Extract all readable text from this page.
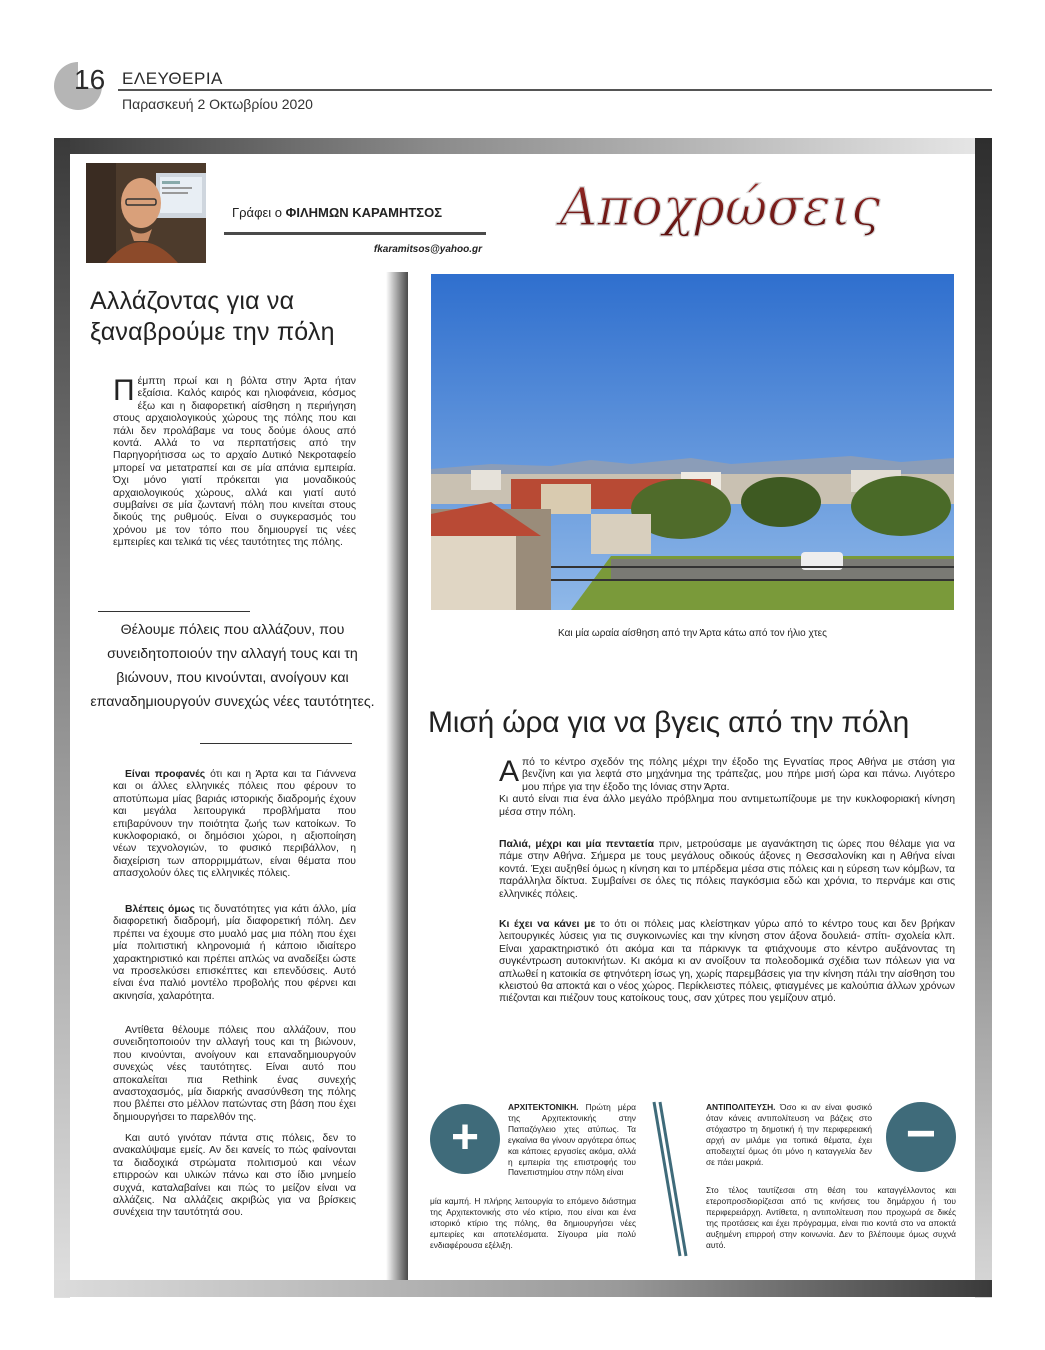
16 ΕΛΕΥΘΕΡΙΑ
Παρασκευή 2 Οκτωβρίου 2020
Γράφει ο ΦΙΛΗΜΩΝ ΚΑΡΑΜΗΤΣΟΣ
fkaramitsos@yahoo.gr
Αποχρώσεις
Αλλάζοντας για να ξαναβρούμε την πόλη
Πέμπτη πρωί και η βόλτα στην Άρτα ήταν εξαίσια. Καλός καιρός και ηλιοφάνεια, κόσμος έξω και η διαφορετική αίσθηση η περιήγηση στους αρχαιολογικούς χώρους της πόλης που και πάλι δεν προλάβαμε να τους δούμε όλους από κοντά. Αλλά το να περπατήσεις από την Παρηγορήτισσα ως το αρχαίο Δυτικό Νεκροταφείο μπορεί να μετατραπεί και σε μία απάνια εμπειρία. Όχι μόνο γιατί πρόκειται για μοναδικούς αρχαιολογικούς χώρους, αλλά και γιατί αυτό συμβαίνει σε μία ζωντανή πόλη που κινείται στους δικούς της ρυθμούς. Είναι ο συγκερασμός του χρόνου με τον τόπο που δημιουργεί τις νέες εμπειρίες και τελικά τις νέες ταυτότητες της πόλης.
Θέλουμε πόλεις που αλλάζουν, που συνειδητοποιούν την αλλαγή τους και τη βιώνουν, που κινούνται, ανοίγουν και επαναδημιουργούν συνεχώς νέες ταυτότητες.
Είναι προφανές ότι και η Άρτα και τα Γιάννενα και οι άλλες ελληνικές πόλεις που φέρουν το αποτύπωμα μίας βαριάς ιστορικής διαδρομής έχουν και μεγάλα λειτουργικά προβλήματα που επιβαρύνουν την ποιότητα ζωής των κατοίκων. Το κυκλοφοριακό, οι δημόσιοι χώροι, η αξιοποίηση νέων τεχνολογιών, το φυσικό περιβάλλον, η διαχείριση των απορριμμάτων, είναι θέματα που απασχολούν όλες τις ελληνικές πόλεις.
Βλέπεις όμως τις δυνατότητες για κάτι άλλο, μία διαφορετική διαδρομή, μία διαφορετική πόλη. Δεν πρέπει να έχουμε στο μυαλό μας μια πόλη που έχει μία πολιτιστική κληρονομιά ή κάποιο ιδιαίτερο χαρακτηριστικό και πρέπει απλώς να αναδείξει ώστε να προσελκύσει επισκέπτες και επενδύσεις. Αυτό είναι ένα παλιό μοντέλο προβολής που φέρνει και ακινησία, χαλαρότητα.
Αντίθετα θέλουμε πόλεις που αλλάζουν, που συνειδητοποιούν την αλλαγή τους και τη βιώνουν, που κινούνται, ανοίγουν και επαναδημιουργούν συνεχώς νέες ταυτότητες. Είναι αυτό που αποκαλείται πια Rethink ένας συνεχής αναστοχασμός, μία διαρκής ανασύνθεση της πόλης που βλέπει στο μέλλον πατώντας στη βάση που έχει δημιουργήσει το παρελθόν της.
Και αυτό γινόταν πάντα στις πόλεις, δεν το ανακαλύψαμε εμείς. Αν δει κανείς το πώς φαίνονται τα διαδοχικά στρώματα πολιτισμού και νέων επιρροών και υλικών πάνω και στο ίδιο μνημείο συχνά, καταλαβαίνει και πώς το μείζον είναι να αλλάζεις. Να αλλάζεις ακριβώς για να βρίσκεις συνέχεια την ταυτότητά σου.
Και μία ωραία αίσθηση από την Άρτα κάτω από τον ήλιο χτες
Μισή ώρα για να βγεις από την πόλη
Από το κέντρο σχεδόν της πόλης μέχρι την έξοδο της Εγνατίας προς Αθήνα με στάση για βενζίνη και για λεφτά στο μηχάνημα της τράπεζας, μου πήρε μισή ώρα και πάνω. Λιγότερο μου πήρε για την έξοδο της Ιόνιας στην Άρτα.
Κι αυτό είναι πια ένα άλλο μεγάλο πρόβλημα που αντιμετωπίζουμε με την κυκλοφοριακή κίνηση μέσα στην πόλη.
Παλιά, μέχρι και μία πενταετία πριν, μετρούσαμε με αγανάκτηση τις ώρες που θέλαμε για να πάμε στην Αθήνα. Σήμερα με τους μεγάλους οδικούς άξονες η Θεσσαλονίκη και η Αθήνα είναι κοντά. Έχει αυξηθεί όμως η κίνηση και το μπέρδεμα μέσα στις πόλεις και η εύρεση των κόμβων, τα παράλληλα δίκτυα. Συμβαίνει σε όλες τις πόλεις παγκόσμια εδώ και χρόνια, το περνάμε και στις ελληνικές πόλεις.
Κι έχει να κάνει με το ότι οι πόλεις μας κλείστηκαν γύρω από το κέντρο τους και δεν βρήκαν λειτουργικές λύσεις για τις συγκοινωνίες και την κίνηση στον άξονα δουλειά- σπίτι- σχολεία κλπ. Είναι χαρακτηριστικό ότι ακόμα και τα πάρκινγκ τα φτιάχνουμε στο κέντρο αυξάνοντας τη συγκέντρωση αυτοκινήτων. Κι ακόμα κι αν ανοίξουν τα πολεοδομικά σχέδια των πόλεων για να απλωθεί η κατοικία σε φτηνότερη ίσως γη, χωρίς παρεμβάσεις για την κίνηση πάλι την αίσθηση του κλειστού θα αποκτά και ο νέος χώρος. Περίκλειστες πόλεις, φτιαγμένες με καλούπια άλλων χρόνων πιέζονται και πιέζουν τους κατοίκους τους, σαν χύτρες που γεμίζουν ατμό.
+
ΑΡΧΙΤΕΚΤΟΝΙΚΗ. Πρώτη μέρα της Αρχιτεκτονικής στην Παπαζόγλειο χτες ατύπως. Τα εγκαίνια θα γίνουν αργότερα όπως και κάποιες εργασίες ακόμα, αλλά η εμπειρία της επιστροφής του Πανεπιστημίου στην πόλη είναι
μία καμπή. Η πλήρης λειτουργία το επόμενο διάστημα της Αρχιτεκτονικής στο νέο κτίριο, που είναι και ένα ιστορικό κτίριο της πόλης, θα δημιουργήσει νέες εμπειρίες και αποτελέσματα. Σίγουρα μία πολύ ενδιαφέρουσα εξέλιξη.
ΑΝΤΙΠΟΛΙΤΕΥΣΗ. Όσο κι αν είναι φυσικό όταν κάνεις αντιπολίτευση να βάζεις στο στόχαστρο τη δημοτική ή την περιφερειακή αρχή αν μιλάμε για τοπικά θέματα, έχει αποδειχτεί όμως ότι μόνο η καταγγελία δεν σε πάει μακριά.
Στο τέλος ταυτίζεσαι στη θέση του καταγγέλλοντος και ετεροπροσδιορίζεσαι από τις κινήσεις του δημάρχου ή του περιφερειάρχη. Αντίθετα, η αντιπολίτευση που προχωρά σε δικές της προτάσεις και έχει πρόγραμμα, είναι πιο κοντά στο να αποκτά αυξημένη επιρροή στην κοινωνία. Δεν το βλέπουμε όμως συχνά αυτό.
−
